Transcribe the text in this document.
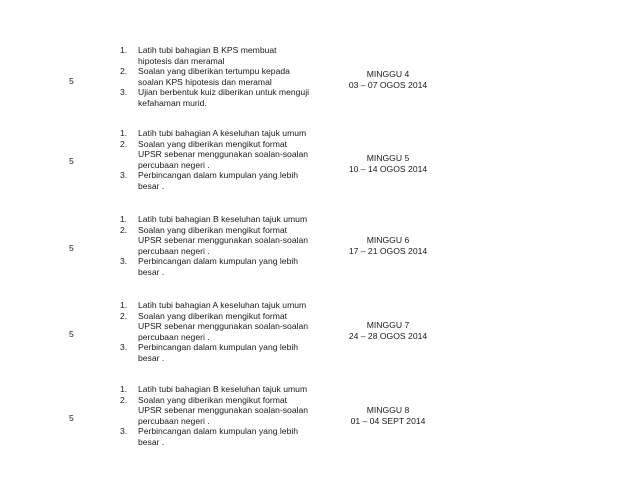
5
1. Latih tubi bahagian B KPS membuat
hipotesis dan meramal
2. Soalan yang diberikan tertumpu kepada
soalan KPS hipotesis dan meramal
3. Ujian berbentuk kuiz diberikan untuk menguji
kefahaman murid.
MINGGU 4
03 – 07 OGOS 2014
5
1. Latih tubi bahagian A keseluhan tajuk umum
2. Soalan yang diberikan mengikut format
UPSR sebenar menggunakan soalan-soalan
percubaan negeri .
3. Perbincangan dalam kumpulan yang lebih
besar .
MINGGU 5
10 – 14 OGOS 2014
5
1. Latih tubi bahagian B keseluhan tajuk umum
2. Soalan yang diberikan mengikut format
UPSR sebenar menggunakan soalan-soalan
percubaan negeri .
3. Perbincangan dalam kumpulan yang lebih
besar .
MINGGU 6
17 – 21 OGOS 2014
5
1. Latih tubi bahagian A keseluhan tajuk umum
2. Soalan yang diberikan mengikut format
UPSR sebenar menggunakan soalan-soalan
percubaan negeri .
3. Perbincangan dalam kumpulan yang lebih
besar .
MINGGU 7
24 – 28 OGOS 2014
5
1. Latih tubi bahagian B keseluhan tajuk umum
2. Soalan yang diberikan mengikut format
UPSR sebenar menggunakan soalan-soalan
percubaan negeri .
3. Perbincangan dalam kumpulan yang lebih
besar .
MINGGU 8
01 – 04 SEPT 2014
